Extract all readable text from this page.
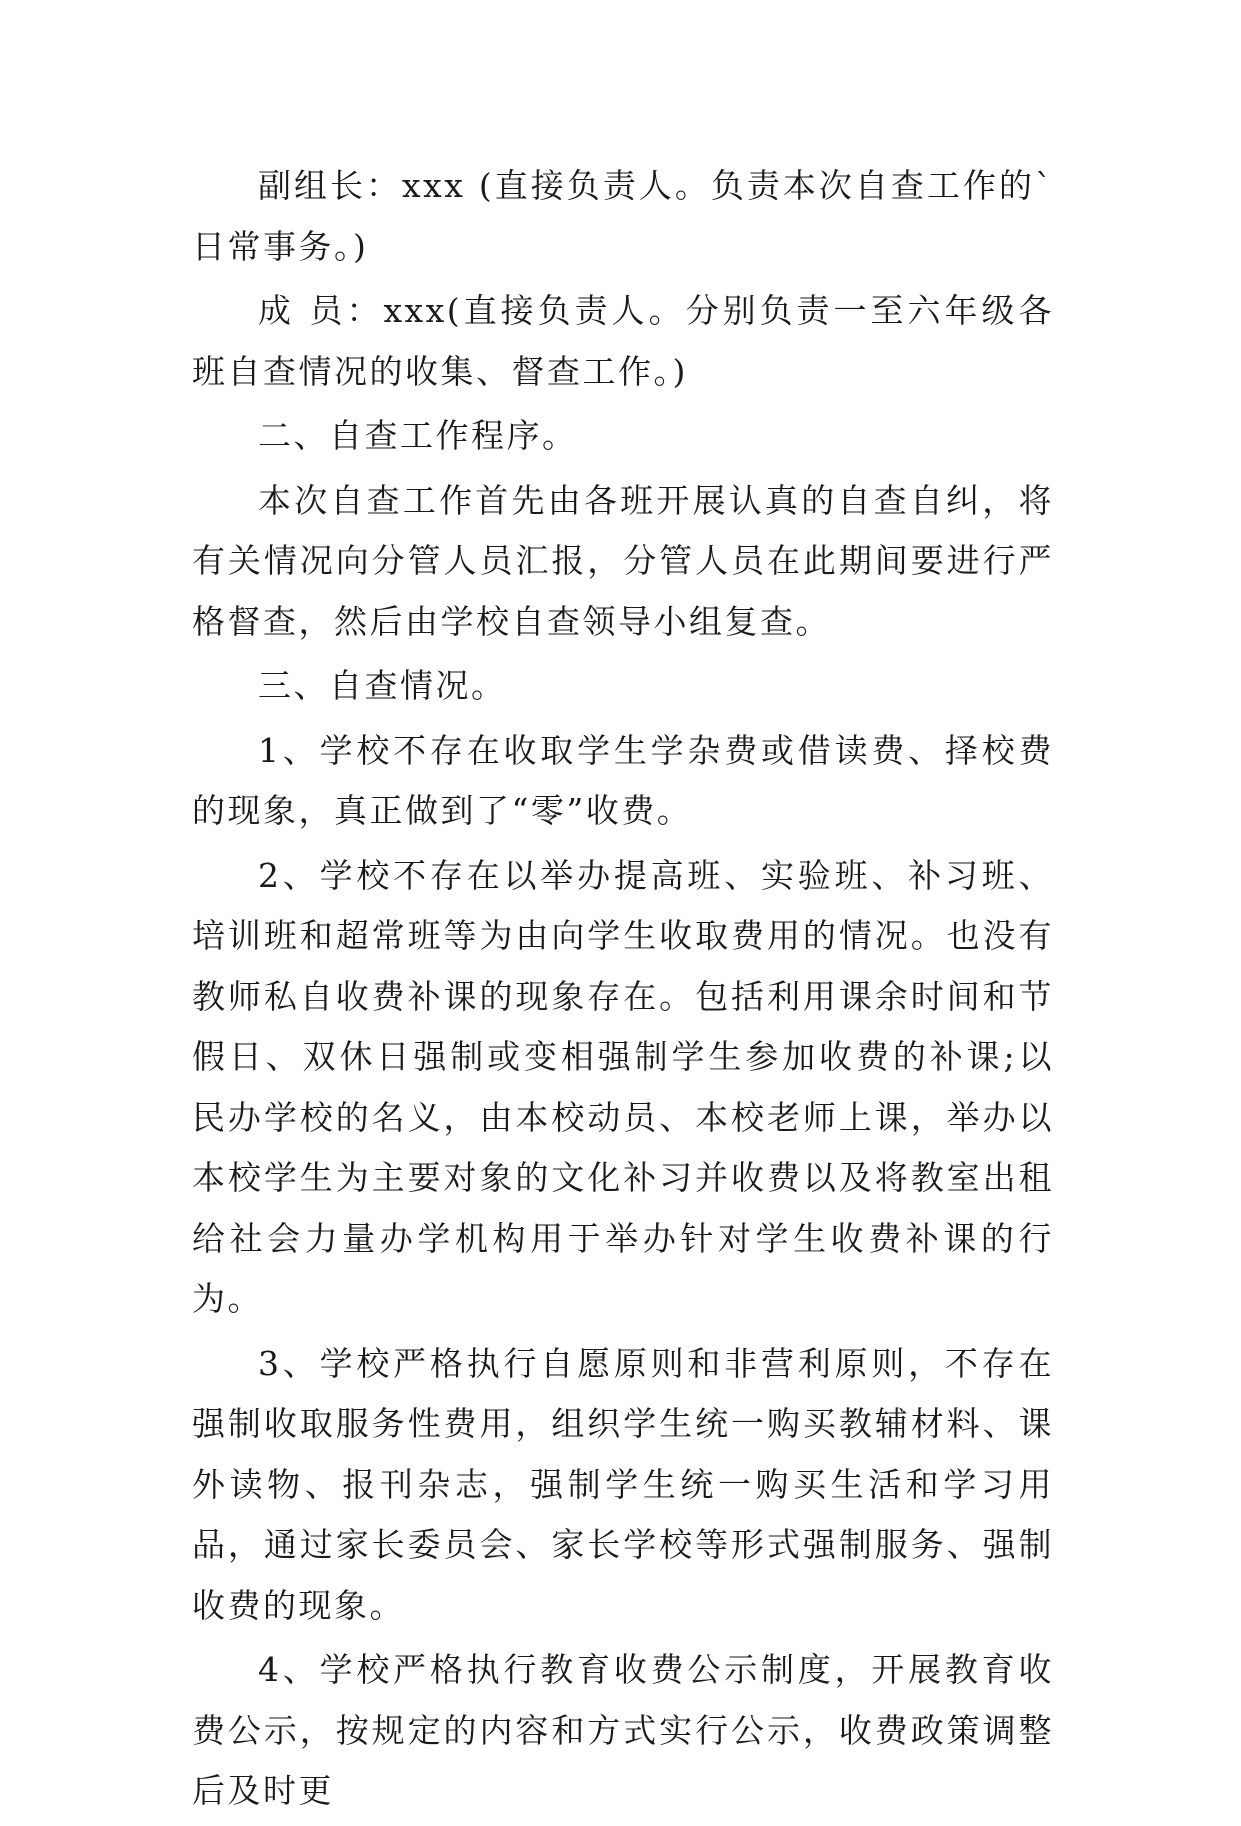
副组长：xxx (直接负责人。负责本次自查工作的`日常事务。)

成 员：xxx(直接负责人。分别负责一至六年级各班自查情况的收集、督查工作。)

二、自查工作程序。

本次自查工作首先由各班开展认真的自查自纠，将有关情况向分管人员汇报，分管人员在此期间要进行严格督查，然后由学校自查领导小组复查。

三、自查情况。

1、学校不存在收取学生学杂费或借读费、择校费的现象，真正做到了“零”收费。

2、学校不存在以举办提高班、实验班、补习班、培训班和超常班等为由向学生收取费用的情况。也没有教师私自收费补课的现象存在。包括利用课余时间和节假日、双休日强制或变相强制学生参加收费的补课;以民办学校的名义，由本校动员、本校老师上课，举办以本校学生为主要对象的文化补习并收费以及将教室出租给社会力量办学机构用于举办针对学生收费补课的行为。

3、学校严格执行自愿原则和非营利原则，不存在强制收取服务性费用，组织学生统一购买教辅材料、课外读物、报刊杂志，强制学生统一购买生活和学习用品，通过家长委员会、家长学校等形式强制服务、强制收费的现象。

4、学校严格执行教育收费公示制度，开展教育收费公示，按规定的内容和方式实行公示，收费政策调整后及时更
